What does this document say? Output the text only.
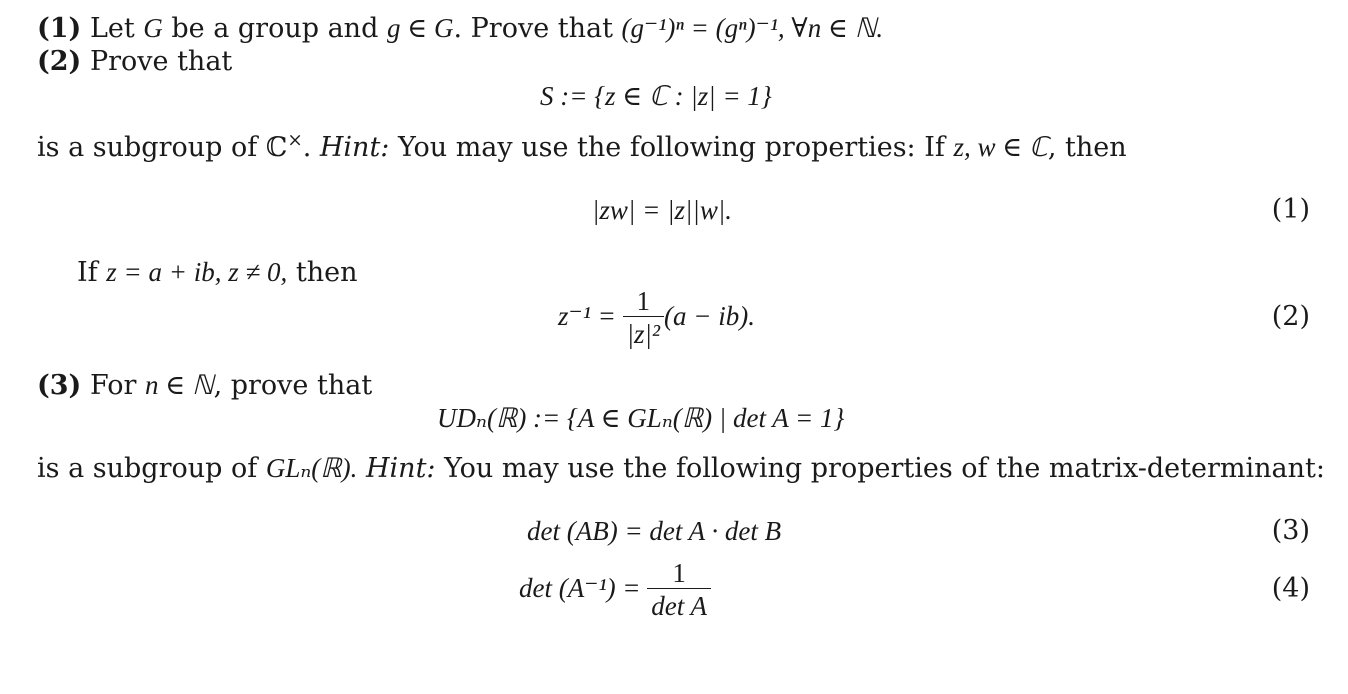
(1) Let G be a group and g ∈ G. Prove that (g⁻¹)ⁿ = (gⁿ)⁻¹, ∀n ∈ ℕ.
(2) Prove that
S := {z ∈ ℂ : |z| = 1}
is a subgroup of ℂ×. Hint: You may use the following properties: If z, w ∈ ℂ, then
|zw| = |z||w|.	(1)
If z = a + ib, z ≠ 0, then
$z^{-1} = \frac{1}{\text{|z|²}} (a - ib)$.	(2)
(3) For n ∈ ℕ, prove that
UDₙ(ℝ) := {A ∈ GLₙ(ℝ) | det A = 1}
is a subgroup of GLₙ(ℝ). Hint: You may use the following properties of the matrix-determinant:
det (AB) = det A · det B	(3)
$\det (A^{-1}) = \frac{1}{\text{det A}}$	(4)
